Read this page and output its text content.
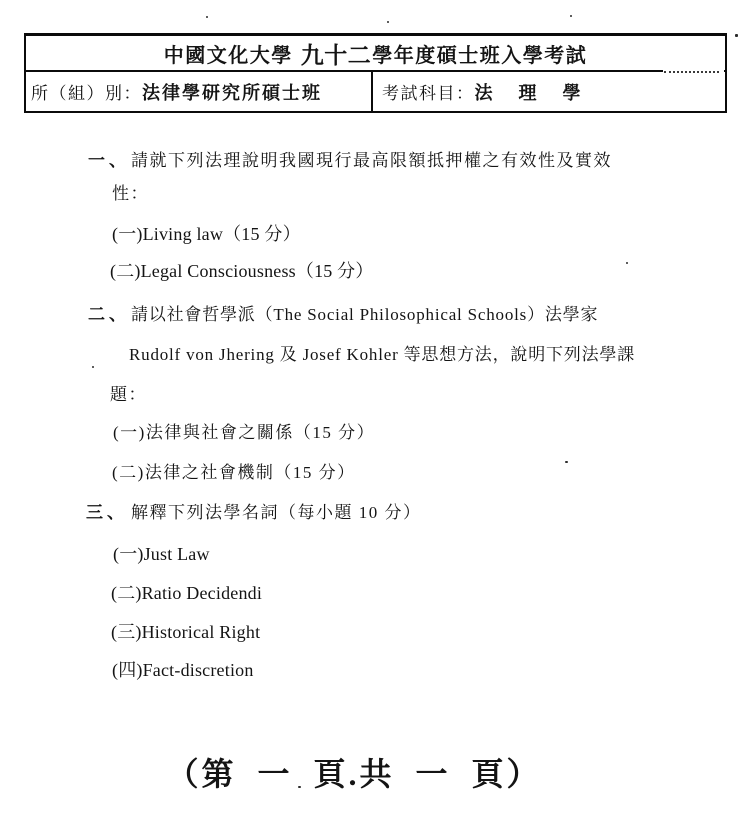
中國文化大學 九十二 學年度碩士班入學考試
所（組）別： 法律學研究所碩士班	考試科目： 法　理　學
一、 請就下列法理說明我國現行最高限額抵押權之有效性及實效
性：
(一)Living law（15 分）
(二)Legal Consciousness（15 分）
二、 請以社會哲學派（The Social Philosophical Schools）法學家
Rudolf von Jhering 及 Josef Kohler 等思想方法，說明下列法學課
題：
(一)法律與社會之關係（15 分）
(二)法律之社會機制（15 分）
三、 解釋下列法學名詞（每小題 10 分）
(一)Just Law
(二)Ratio Decidendi
(三)Historical Right
(四)Fact-discretion
（第 一 頁.共 一 頁）
